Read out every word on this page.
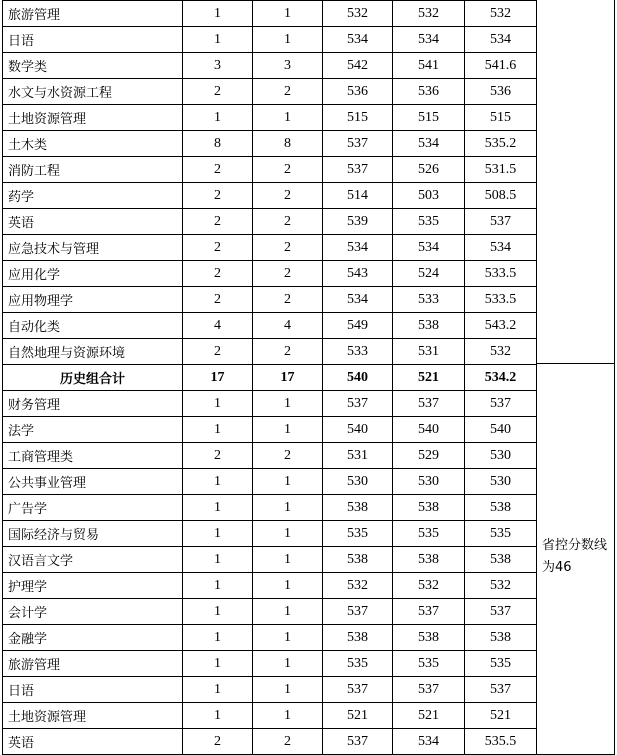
旅游管理	1	1	532	532	532
日语	1	1	534	534	534
数学类	3	3	542	541	541.6
水文与水资源工程	2	2	536	536	536
土地资源管理	1	1	515	515	515
土木类	8	8	537	534	535.2
消防工程	2	2	537	526	531.5
药学	2	2	514	503	508.5
英语	2	2	539	535	537
应急技术与管理	2	2	534	534	534
应用化学	2	2	543	524	533.5
应用物理学	2	2	534	533	533.5
自动化类	4	4	549	538	543.2
自然地理与资源环境	2	2	533	531	532
历史组合计	17	17	540	521	534.2
财务管理	1	1	537	537	537
法学	1	1	540	540	540
工商管理类	2	2	531	529	530
公共事业管理	1	1	530	530	530
广告学	1	1	538	538	538
国际经济与贸易	1	1	535	535	535
汉语言文学	1	1	538	538	538
护理学	1	1	532	532	532
会计学	1	1	537	537	537
金融学	1	1	538	538	538
旅游管理	1	1	535	535	535
日语	1	1	537	537	537
土地资源管理	1	1	521	521	521
英语	2	2	537	534	535.5
省控分数线为46
